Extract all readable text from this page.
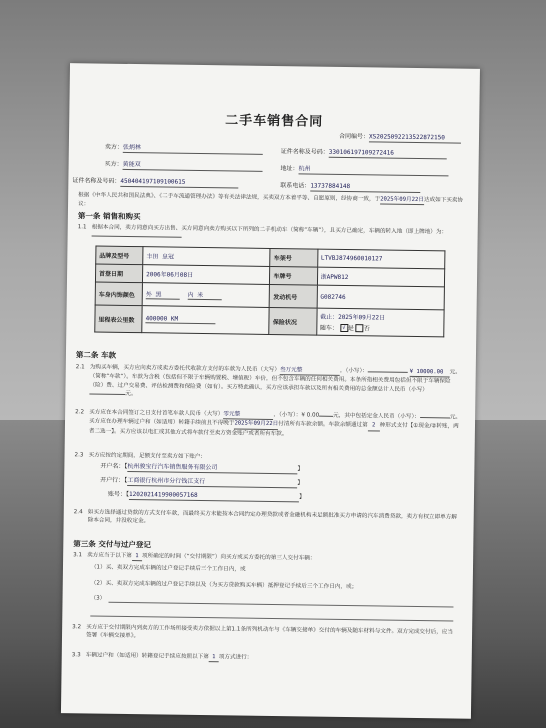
二手车销售合同
合同编号：XS20250922135228721​50
卖方：张炳林
证件名称及号码：330106197109272416
买方：黄能双
地址：杭州
证件名称及号码：450404197109100615
联系电话：13737884148
根据《中华人民共和国民法典》、《二手车流通管理办法》等有关法律法规，买卖双方本着平等、自愿原则，经协商一致，于2025年09月22日达成如下买卖协议：
第一条 销售和购买
1.1 根据本合同，卖方同意向买方出售、买方同意向卖方购买以下所列的二手机动车（简称“车辆”），且买方已确定，车辆的转入地（即上牌地）为：
品牌及型号	丰田 皇冠	车架号	LTVBJ874960010127
首登日期	2006年06月08日	车牌号	浙APW812
车身内饰颜色	外 黑 内 米	发动机号	G082746
里程表公里数	400000 KM	保险状况	截止：2025年09月22日
随车： √ 是 否
第二条 车款
2.1 为购买车辆，买方应向卖方或卖方委托代收款方支付的车款为人民币（大写）叁万元整	，（小写）：	¥ 10000.00 元。（简称“车款”）。车款为含税（包括但不限于车辆购置税、增值税）车价，但不包含车辆的任何相关费用。本条所指相关费用包括但不限于车辆保险（险）费、过户交易费、评估检测费和保险费（如有）。买方特此确认，买方应该承担车款以及所有相关费用的总金额总计人民币（小写）元。
2.2 买方应在本合同签订之日支付首笔车款人民币（大写）零元整	，（小写）：¥ 0.00 元，其中包括定金人民币（小写）：	元。买方应在办理车辆过户和（如适用）转籍手续前且不得晚于2025年09月22日付清所有车款余额。车款余额通过第 2 种形式支付【①现金/②转账，两者二选一】。买方应该以电汇或其他方式将车款付至卖方资金账户或者所有车款。
2.3 买方应按约定期间，足额支付至卖方如下账户：
开户名：【杭州骏宝行汽车销售服务有限公司	】
开户行：【工商银行杭州市分行钱江支行	】
账号：【1202021419900057168	】
2.4 如买方选择通过贷款的方式支付车款，而最终买方未能按本合同约定办理贷款或者金融机构未足额批准买方申请的汽车消费贷款，卖方有权立即单方解除本合同，并没收定金。
第三条 交付与过户登记
3.1 卖方应当于以下第 1 项所确定的时间（“交付期限”）向买方或买方委托的第三人交付车辆：
（1）买、卖双方完成车辆的过户登记手续后三个工作日内，或
（2）买、卖双方完成车辆的过户登记手续以及（为买方贷款购买车辆）抵押登记手续后三个工作日内，或；
（3）
3.2 买方应于交付期限内到卖方的工作场所接受卖方依据以上第1.1条所列机动车与《车辆交接单》交付的车辆及随车材料与文件。双方完成交付后，应当签署《车辆交接单》。
3.3 车辆过户和（如适用）转籍登记手续应按照以下第 1 项方式进行：
